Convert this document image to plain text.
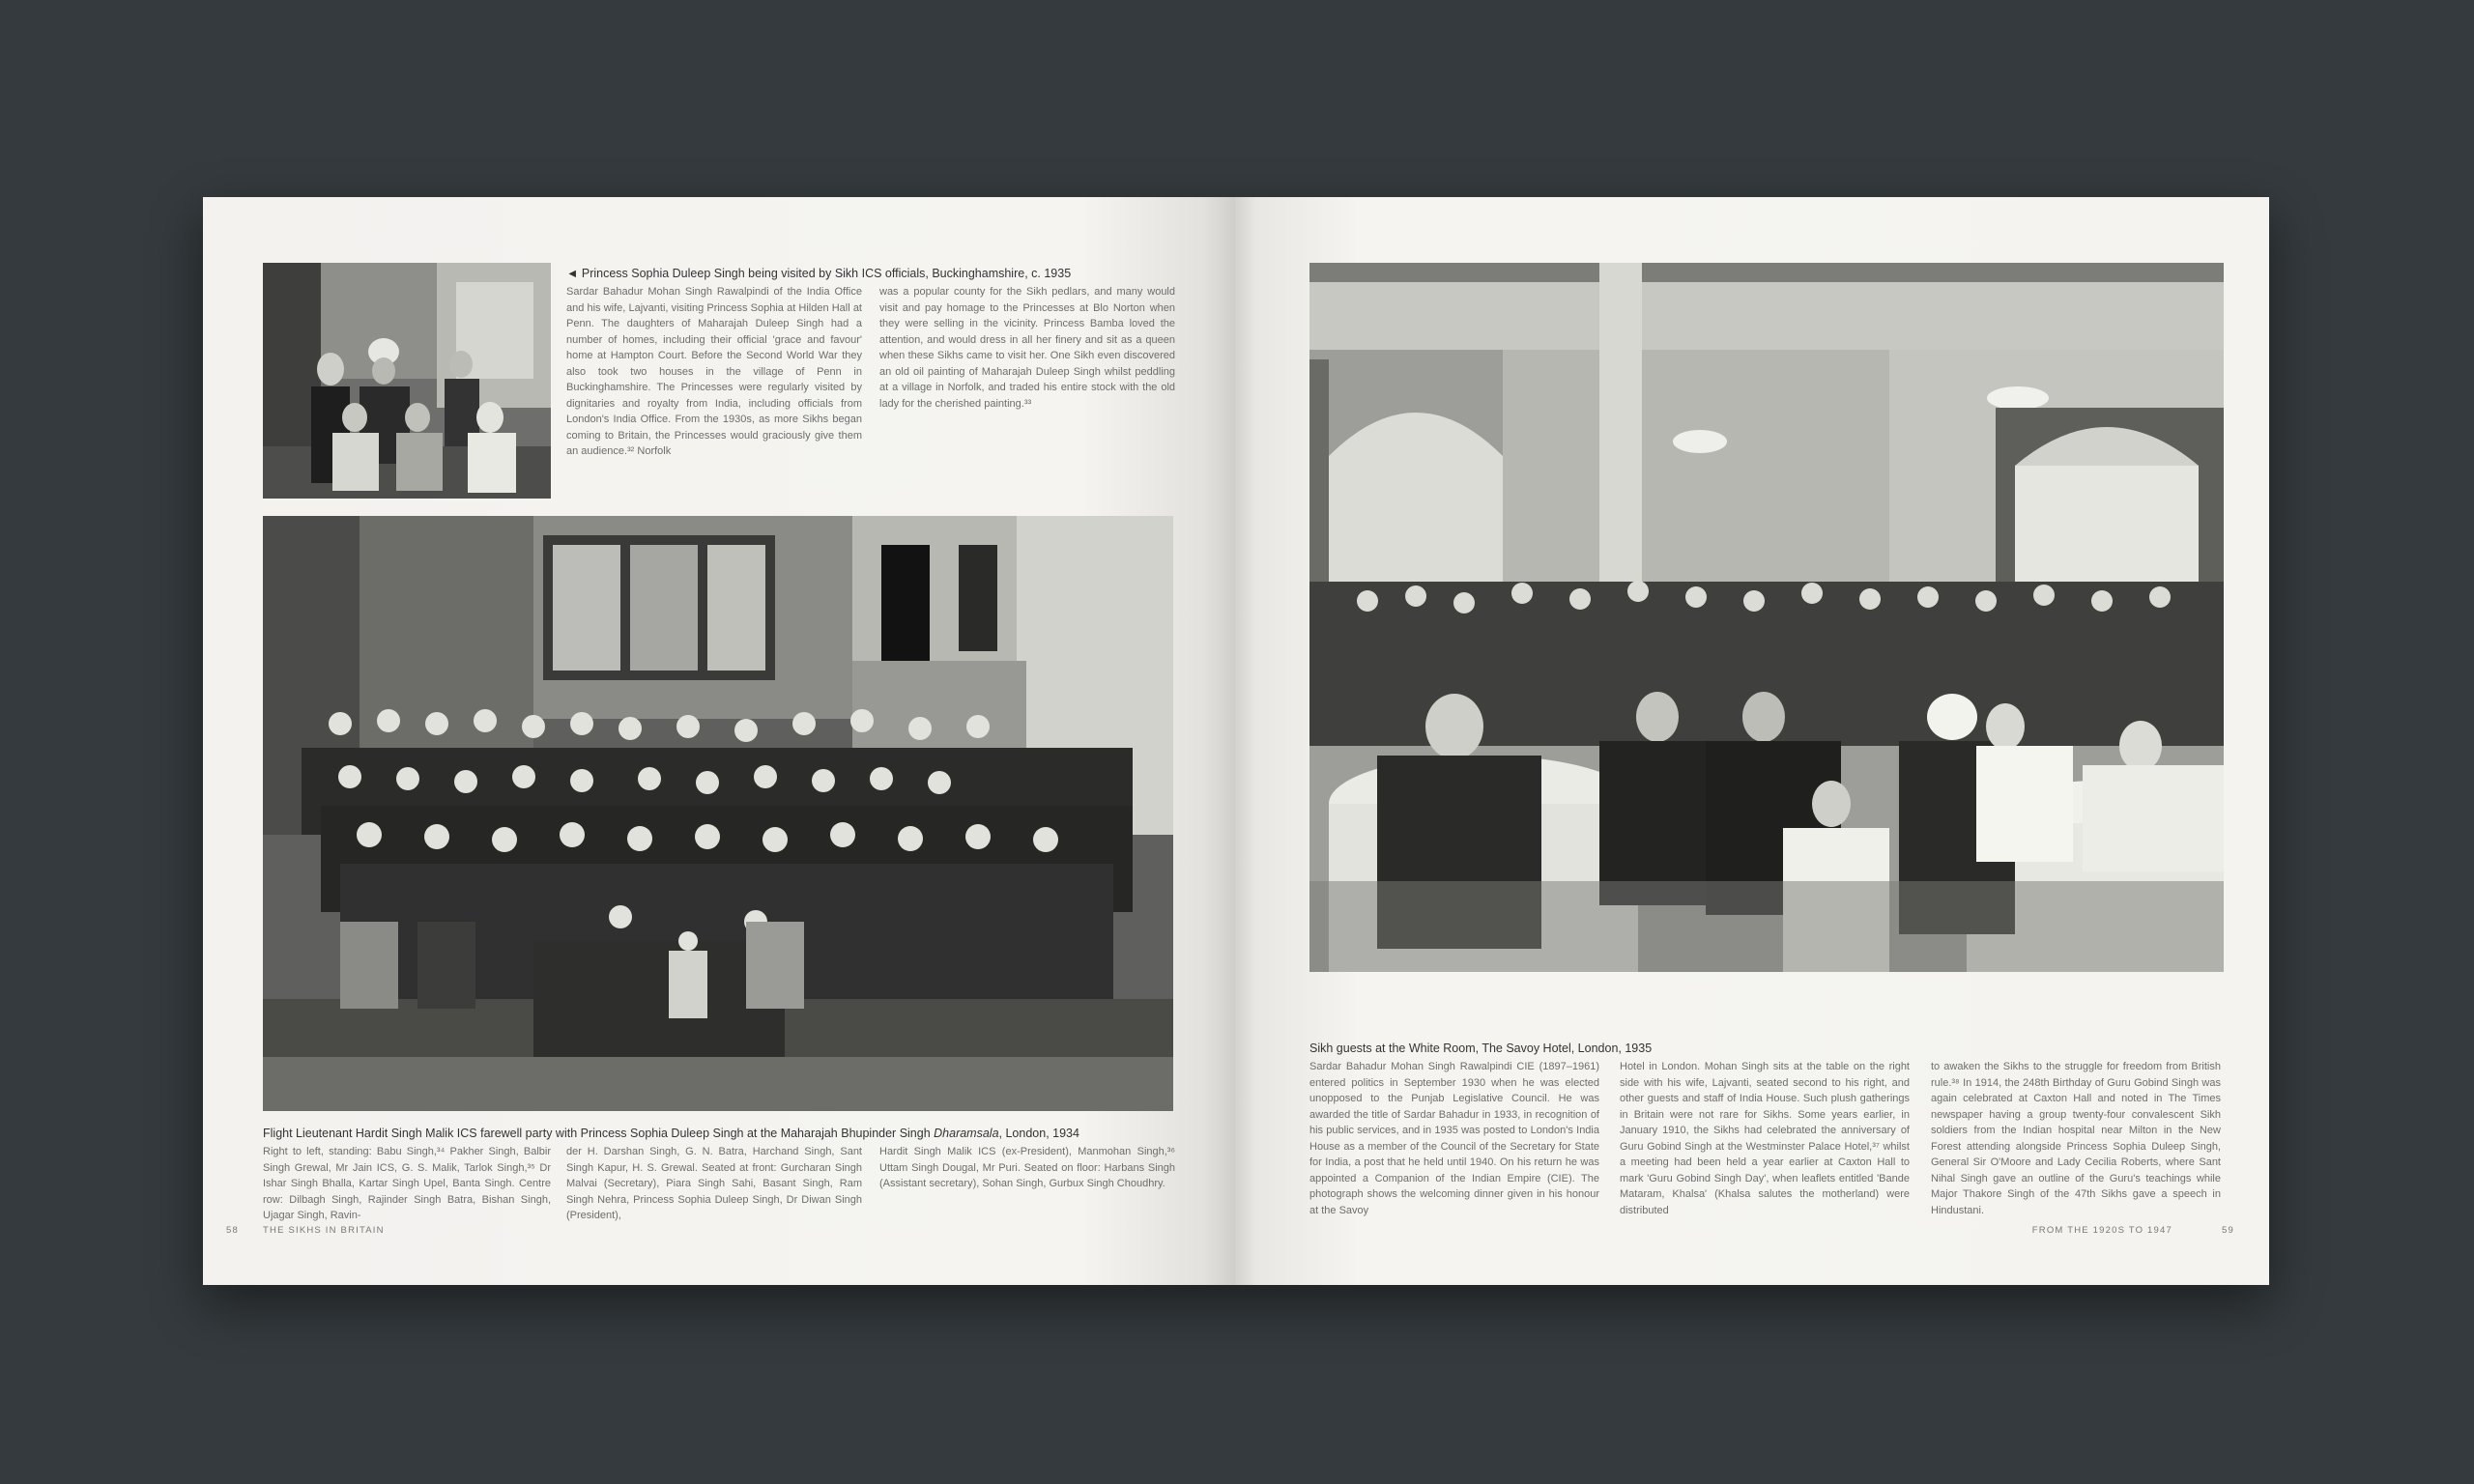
◄ Princess Sophia Duleep Singh being visited by Sikh ICS officials, Buckinghamshire, c. 1935

Sardar Bahadur Mohan Singh Rawalpindi of the India Office and his wife, Lajvanti, visiting Princess Sophia at Hilden Hall at Penn. The daughters of Maharajah Duleep Singh had a number of homes, including their official 'grace and favour' home at Hampton Court. Before the Second World War they also took two houses in the village of Penn in Buckinghamshire. The Princesses were regularly visited by dignitaries and royalty from India, including officials from London's India Office. From the 1930s, as more Sikhs began coming to Britain, the Princesses would graciously give them an audience.³² Norfolk

was a popular county for the Sikh pedlars, and many would visit and pay homage to the Princesses at Blo Norton when they were selling in the vicinity. Princess Bamba loved the attention, and would dress in all her finery and sit as a queen when these Sikhs came to visit her. One Sikh even discovered an old oil painting of Maharajah Duleep Singh whilst peddling at a village in Norfolk, and traded his entire stock with the old lady for the cherished painting.³³

Flight Lieutenant Hardit Singh Malik ICS farewell party with Princess Sophia Duleep Singh at the Maharajah Bhupinder Singh Dharamsala, London, 1934

Right to left, standing: Babu Singh,³⁴ Pakher Singh, Balbir Singh Grewal, Mr Jain ICS, G. S. Malik, Tarlok Singh,³⁵ Dr Ishar Singh Bhalla, Kartar Singh Upel, Banta Singh. Centre row: Dilbagh Singh, Rajinder Singh Batra, Bishan Singh, Ujagar Singh, Ravin-

der H. Darshan Singh, G. N. Batra, Harchand Singh, Sant Singh Kapur, H. S. Grewal. Seated at front: Gurcharan Singh Malvai (Secretary), Piara Singh Sahi, Basant Singh, Ram Singh Nehra, Princess Sophia Duleep Singh, Dr Diwan Singh (President),

Hardit Singh Malik ICS (ex-President), Manmohan Singh,³⁶ Uttam Singh Dougal, Mr Puri. Seated on floor: Harbans Singh (Assistant secretary), Sohan Singh, Gurbux Singh Choudhry.

58	THE SIKHS IN BRITAIN
Sikh guests at the White Room, The Savoy Hotel, London, 1935

Sardar Bahadur Mohan Singh Rawalpindi CIE (1897–1961) entered politics in September 1930 when he was elected unopposed to the Punjab Legislative Council. He was awarded the title of Sardar Bahadur in 1933, in recognition of his public services, and in 1935 was posted to London's India House as a member of the Council of the Secretary for State for India, a post that he held until 1940. On his return he was appointed a Companion of the Indian Empire (CIE). The photograph shows the welcoming dinner given in his honour at the Savoy

Hotel in London. Mohan Singh sits at the table on the right side with his wife, Lajvanti, seated second to his right, and other guests and staff of India House. Such plush gatherings in Britain were not rare for Sikhs. Some years earlier, in January 1910, the Sikhs had celebrated the anniversary of Guru Gobind Singh at the Westminster Palace Hotel,³⁷ whilst a meeting had been held a year earlier at Caxton Hall to mark 'Guru Gobind Singh Day', when leaflets entitled 'Bande Mataram, Khalsa' (Khalsa salutes the motherland) were distributed

to awaken the Sikhs to the struggle for freedom from British rule.³⁸ In 1914, the 248th Birthday of Guru Gobind Singh was again celebrated at Caxton Hall and noted in The Times newspaper having a group twenty-four convalescent Sikh soldiers from the Indian hospital near Milton in the New Forest attending alongside Princess Sophia Duleep Singh, General Sir O'Moore and Lady Cecilia Roberts, where Sant Nihal Singh gave an outline of the Guru's teachings while Major Thakore Singh of the 47th Sikhs gave a speech in Hindustani.

FROM THE 1920S TO 1947	59
